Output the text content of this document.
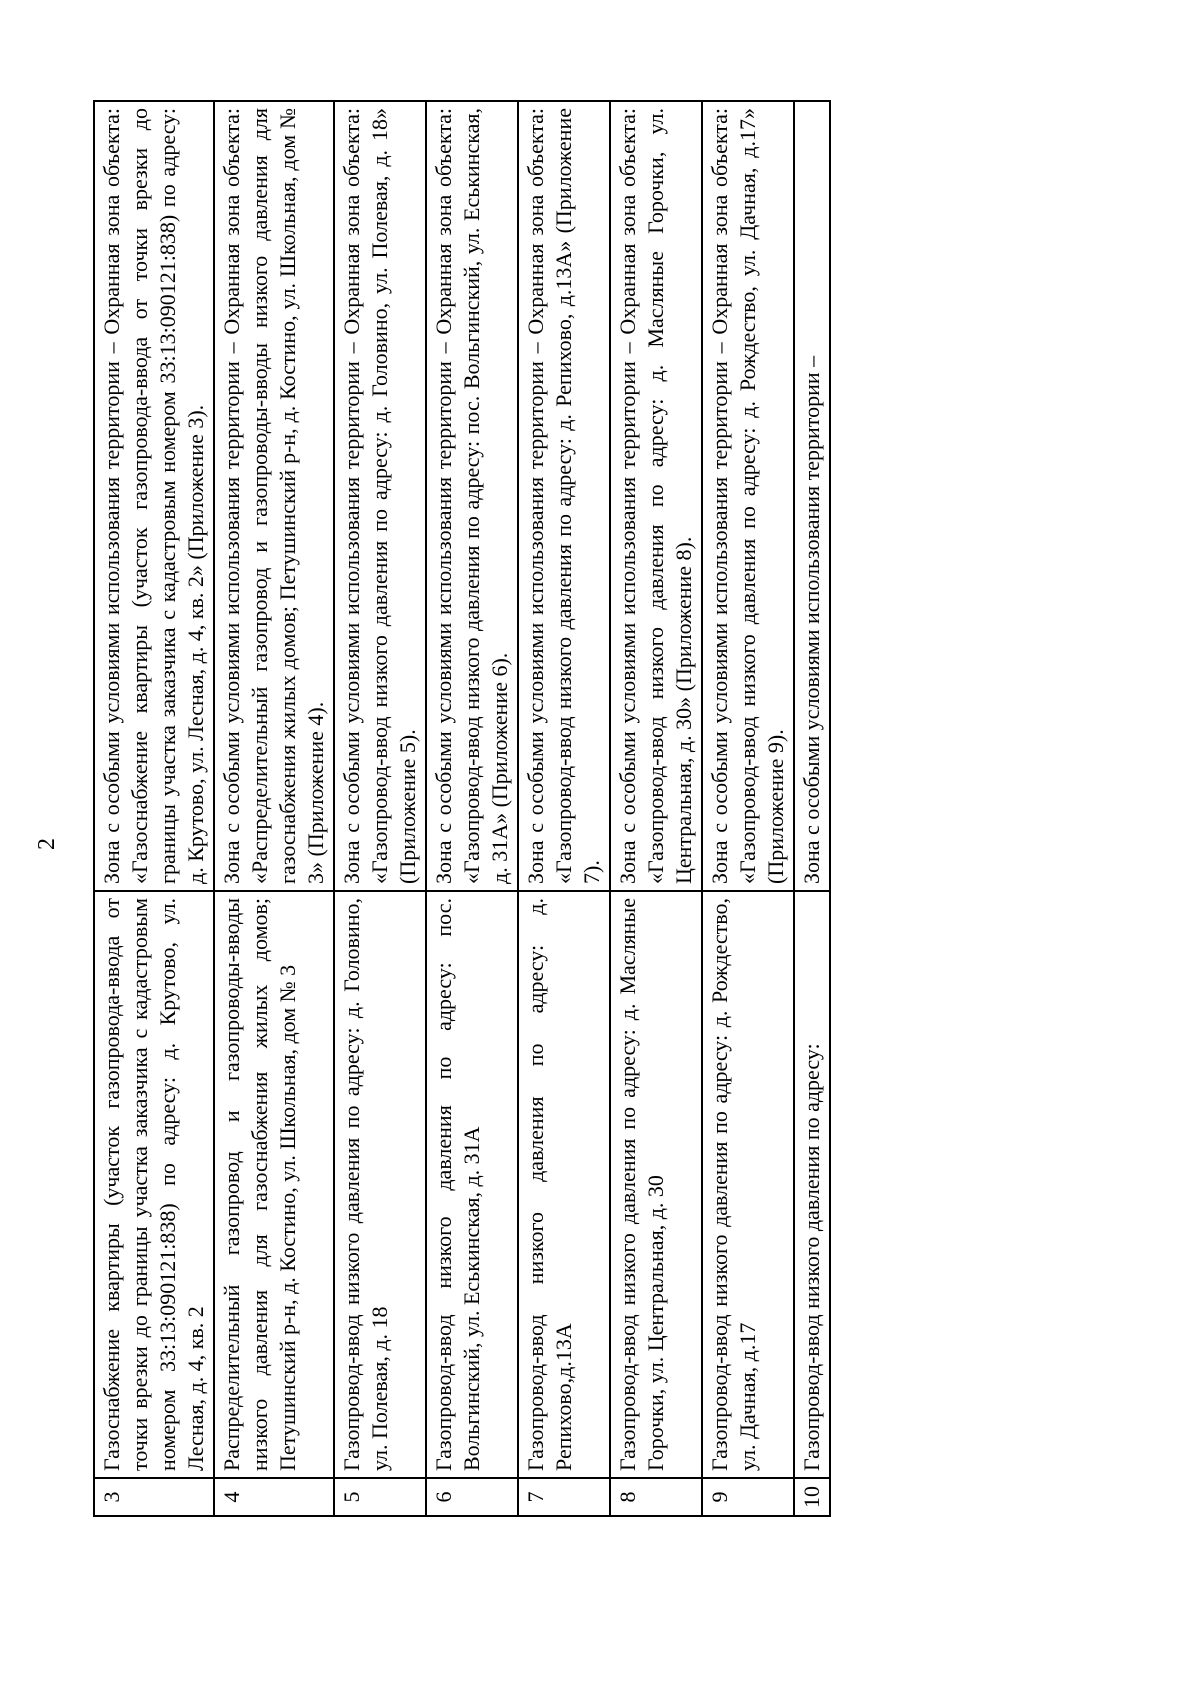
2
3	Газоснабжение квартиры (участок газопровода-ввода от точки врезки до границы участка заказчика с кадастровым номером 33:13:090121:838) по адресу: д. Крутово, ул. Лесная, д. 4, кв. 2	Зона с особыми условиями использования территории – Охранная зона объекта: «Газоснабжение квартиры (участок газопровода-ввода от точки врезки до границы участка заказчика с кадастровым номером 33:13:090121:838) по адресу: д. Крутово, ул. Лесная, д. 4, кв. 2» (Приложение 3).
4	Распределительный газопровод и газопроводы-вводы низкого давления для газоснабжения жилых домов; Петушинский р-н, д. Костино, ул. Школьная, дом № 3	Зона с особыми условиями использования территории – Охранная зона объекта: «Распределительный газопровод и газопроводы-вводы низкого давления для газоснабжения жилых домов; Петушинский р-н, д. Костино, ул. Школьная, дом № 3» (Приложение 4).
5	Газопровод-ввод низкого давления по адресу: д. Головино, ул. Полевая, д. 18	Зона с особыми условиями использования территории – Охранная зона объекта: «Газопровод-ввод низкого давления по адресу: д. Головино, ул. Полевая, д. 18» (Приложение 5).
6	Газопровод-ввод низкого давления по адресу: пос. Вольгинский, ул. Еськинская, д. 31А	Зона с особыми условиями использования территории – Охранная зона объекта: «Газопровод-ввод низкого давления по адресу: пос. Вольгинский, ул. Еськинская, д. 31А» (Приложение 6).
7	Газопровод-ввод низкого давления по адресу: д. Репихово,д.13А	Зона с особыми условиями использования территории – Охранная зона объекта: «Газопровод-ввод низкого давления по адресу: д. Репихово, д.13А» (Приложение 7).
8	Газопровод-ввод низкого давления по адресу: д. Масляные Горочки, ул. Центральная, д. 30	Зона с особыми условиями использования территории – Охранная зона объекта: «Газопровод-ввод низкого давления по адресу: д. Масляные Горочки, ул. Центральная, д. 30» (Приложение 8).
9	Газопровод-ввод низкого давления по адресу: д. Рождество, ул. Дачная, д.17	Зона с особыми условиями использования территории – Охранная зона объекта: «Газопровод-ввод низкого давления по адресу: д. Рождество, ул. Дачная, д.17» (Приложение 9).
10	Газопровод-ввод низкого давления по адресу:	Зона с особыми условиями использования территории –
